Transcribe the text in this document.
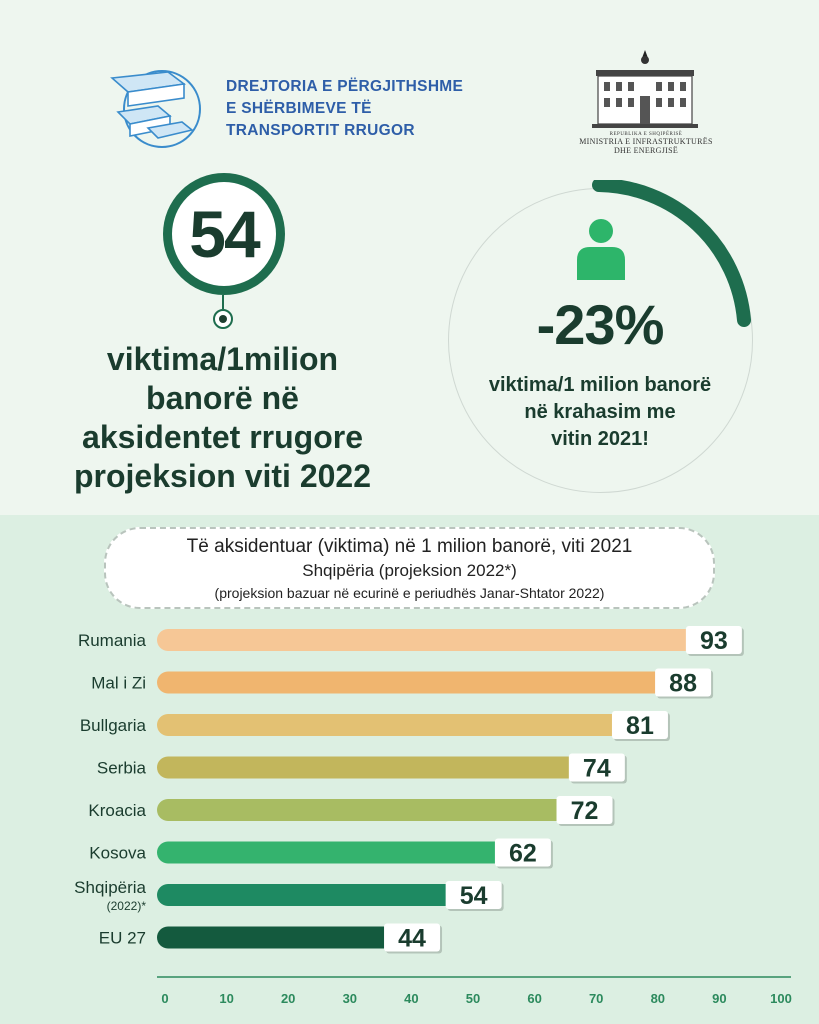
DREJTORIA E PËRGJITHSHME
E SHËRBIMEVE TË
TRANSPORTIT RRUGOR	REPUBLIKA E SHQIPËRISË
MINISTRIA E INFRASTRUKTURËS
DHE ENERGJISË
54
viktima/1milion
banorë në
aksidentet rrugore
projeksion viti 2022
-23%
viktima/1 milion banorë
në krahasim me
vitin 2021!
Të aksidentuar (viktima) në 1 milion banorë, viti 2021
Shqipëria (projeksion 2022*)
(projeksion bazuar në ecurinë e periudhës Janar-Shtator 2022)
0	10	20	30	40	50	60	70	80	90	100
Rumania	93
Mal i Zi	88
Bullgaria	81
Serbia	74
Kroacia	72
Kosova	62
Shqipëria
(2022)*	54
EU 27	44
